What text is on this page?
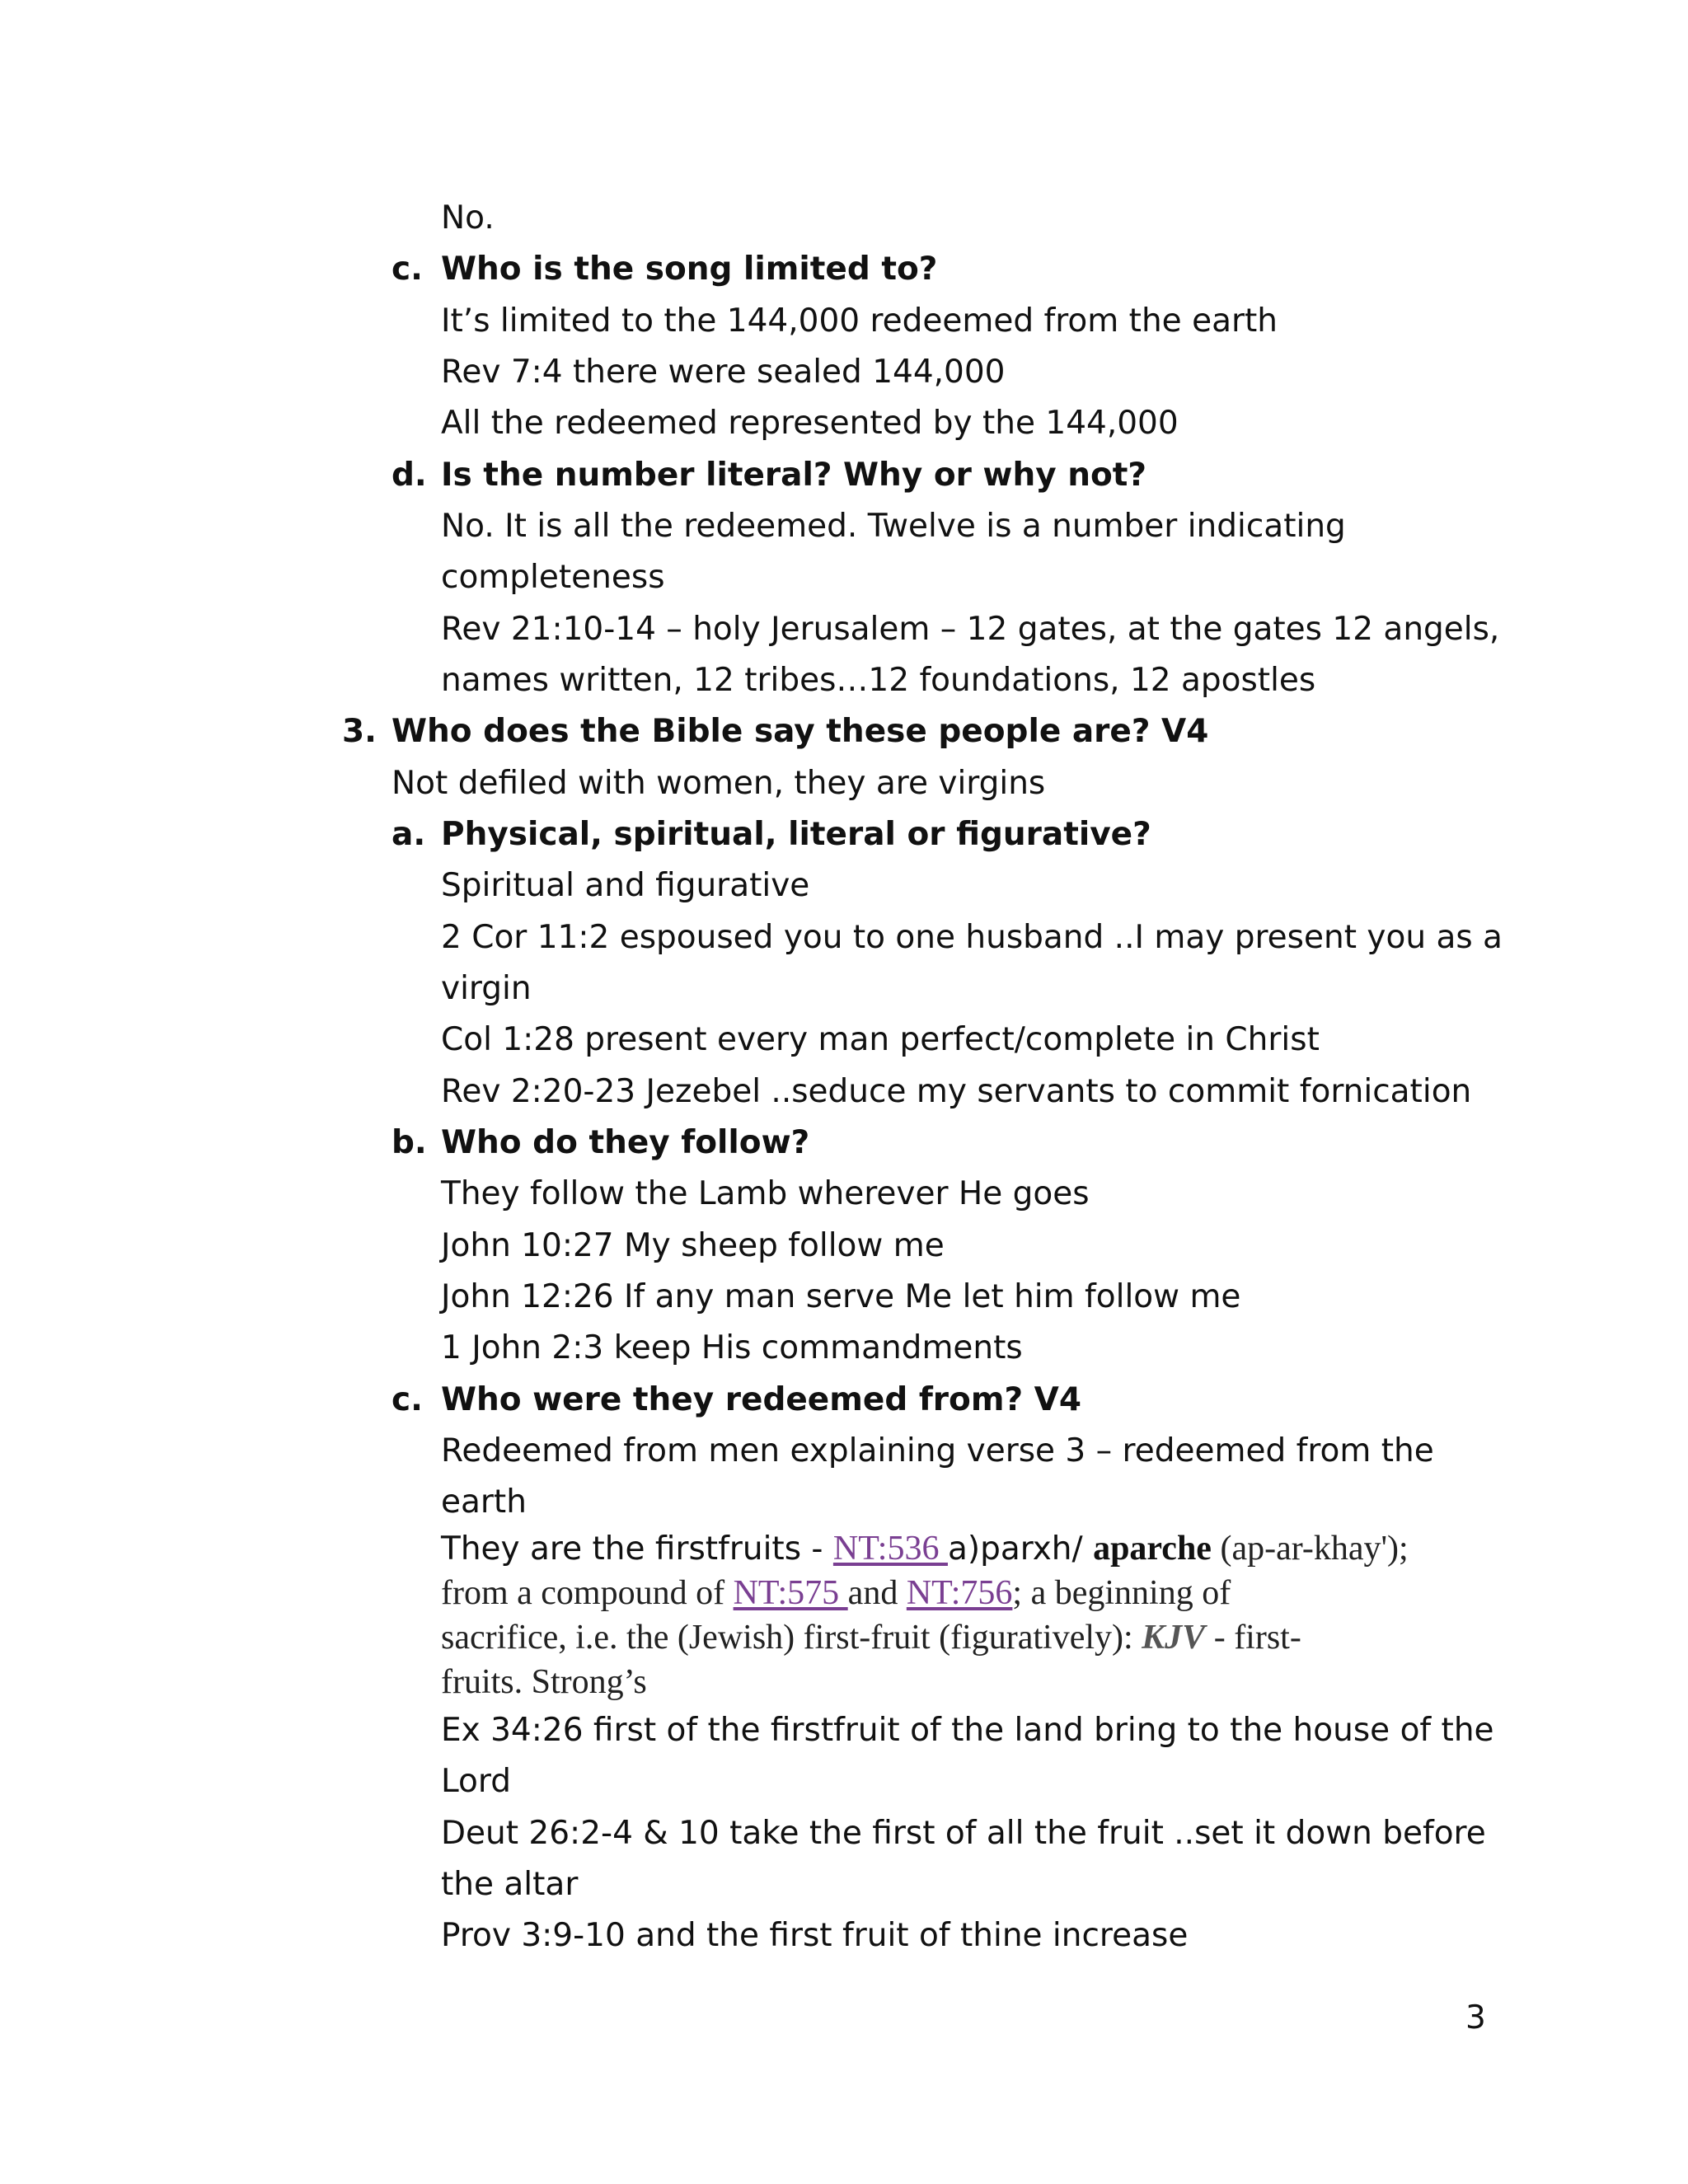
No.
c. Who is the song limited to?
It’s limited to the 144,000 redeemed from the earth
Rev 7:4 there were sealed 144,000
All the redeemed represented by the 144,000
d. Is the number literal? Why or why not?
No. It is all the redeemed. Twelve is a number indicating
completeness
Rev 21:10-14 – holy Jerusalem – 12 gates, at the gates 12 angels,
names written, 12 tribes…12 foundations, 12 apostles
3. Who does the Bible say these people are? V4
Not defiled with women, they are virgins
a. Physical, spiritual, literal or figurative?
Spiritual and figurative
2 Cor 11:2 espoused you to one husband ..I may present you as a
virgin
Col 1:28 present every man perfect/complete in Christ
Rev 2:20-23 Jezebel ..seduce my servants to commit fornication
b. Who do they follow?
They follow the Lamb wherever He goes
John 10:27 My sheep follow me
John 12:26 If any man serve Me let him follow me
1 John 2:3 keep His commandments
c. Who were they redeemed from? V4
Redeemed from men explaining verse 3 – redeemed from the
earth
They are the firstfruits - NT:536 a)parxh/ aparche (ap-ar-khay');
from a compound of NT:575 and NT:756; a beginning of
sacrifice, i.e. the (Jewish) first-fruit (figuratively): KJV - first-
fruits. Strong’s
Ex 34:26 first of the firstfruit of the land bring to the house of the
Lord
Deut 26:2-4 & 10 take the first of all the fruit ..set it down before
the altar
Prov 3:9-10 and the first fruit of thine increase
3
